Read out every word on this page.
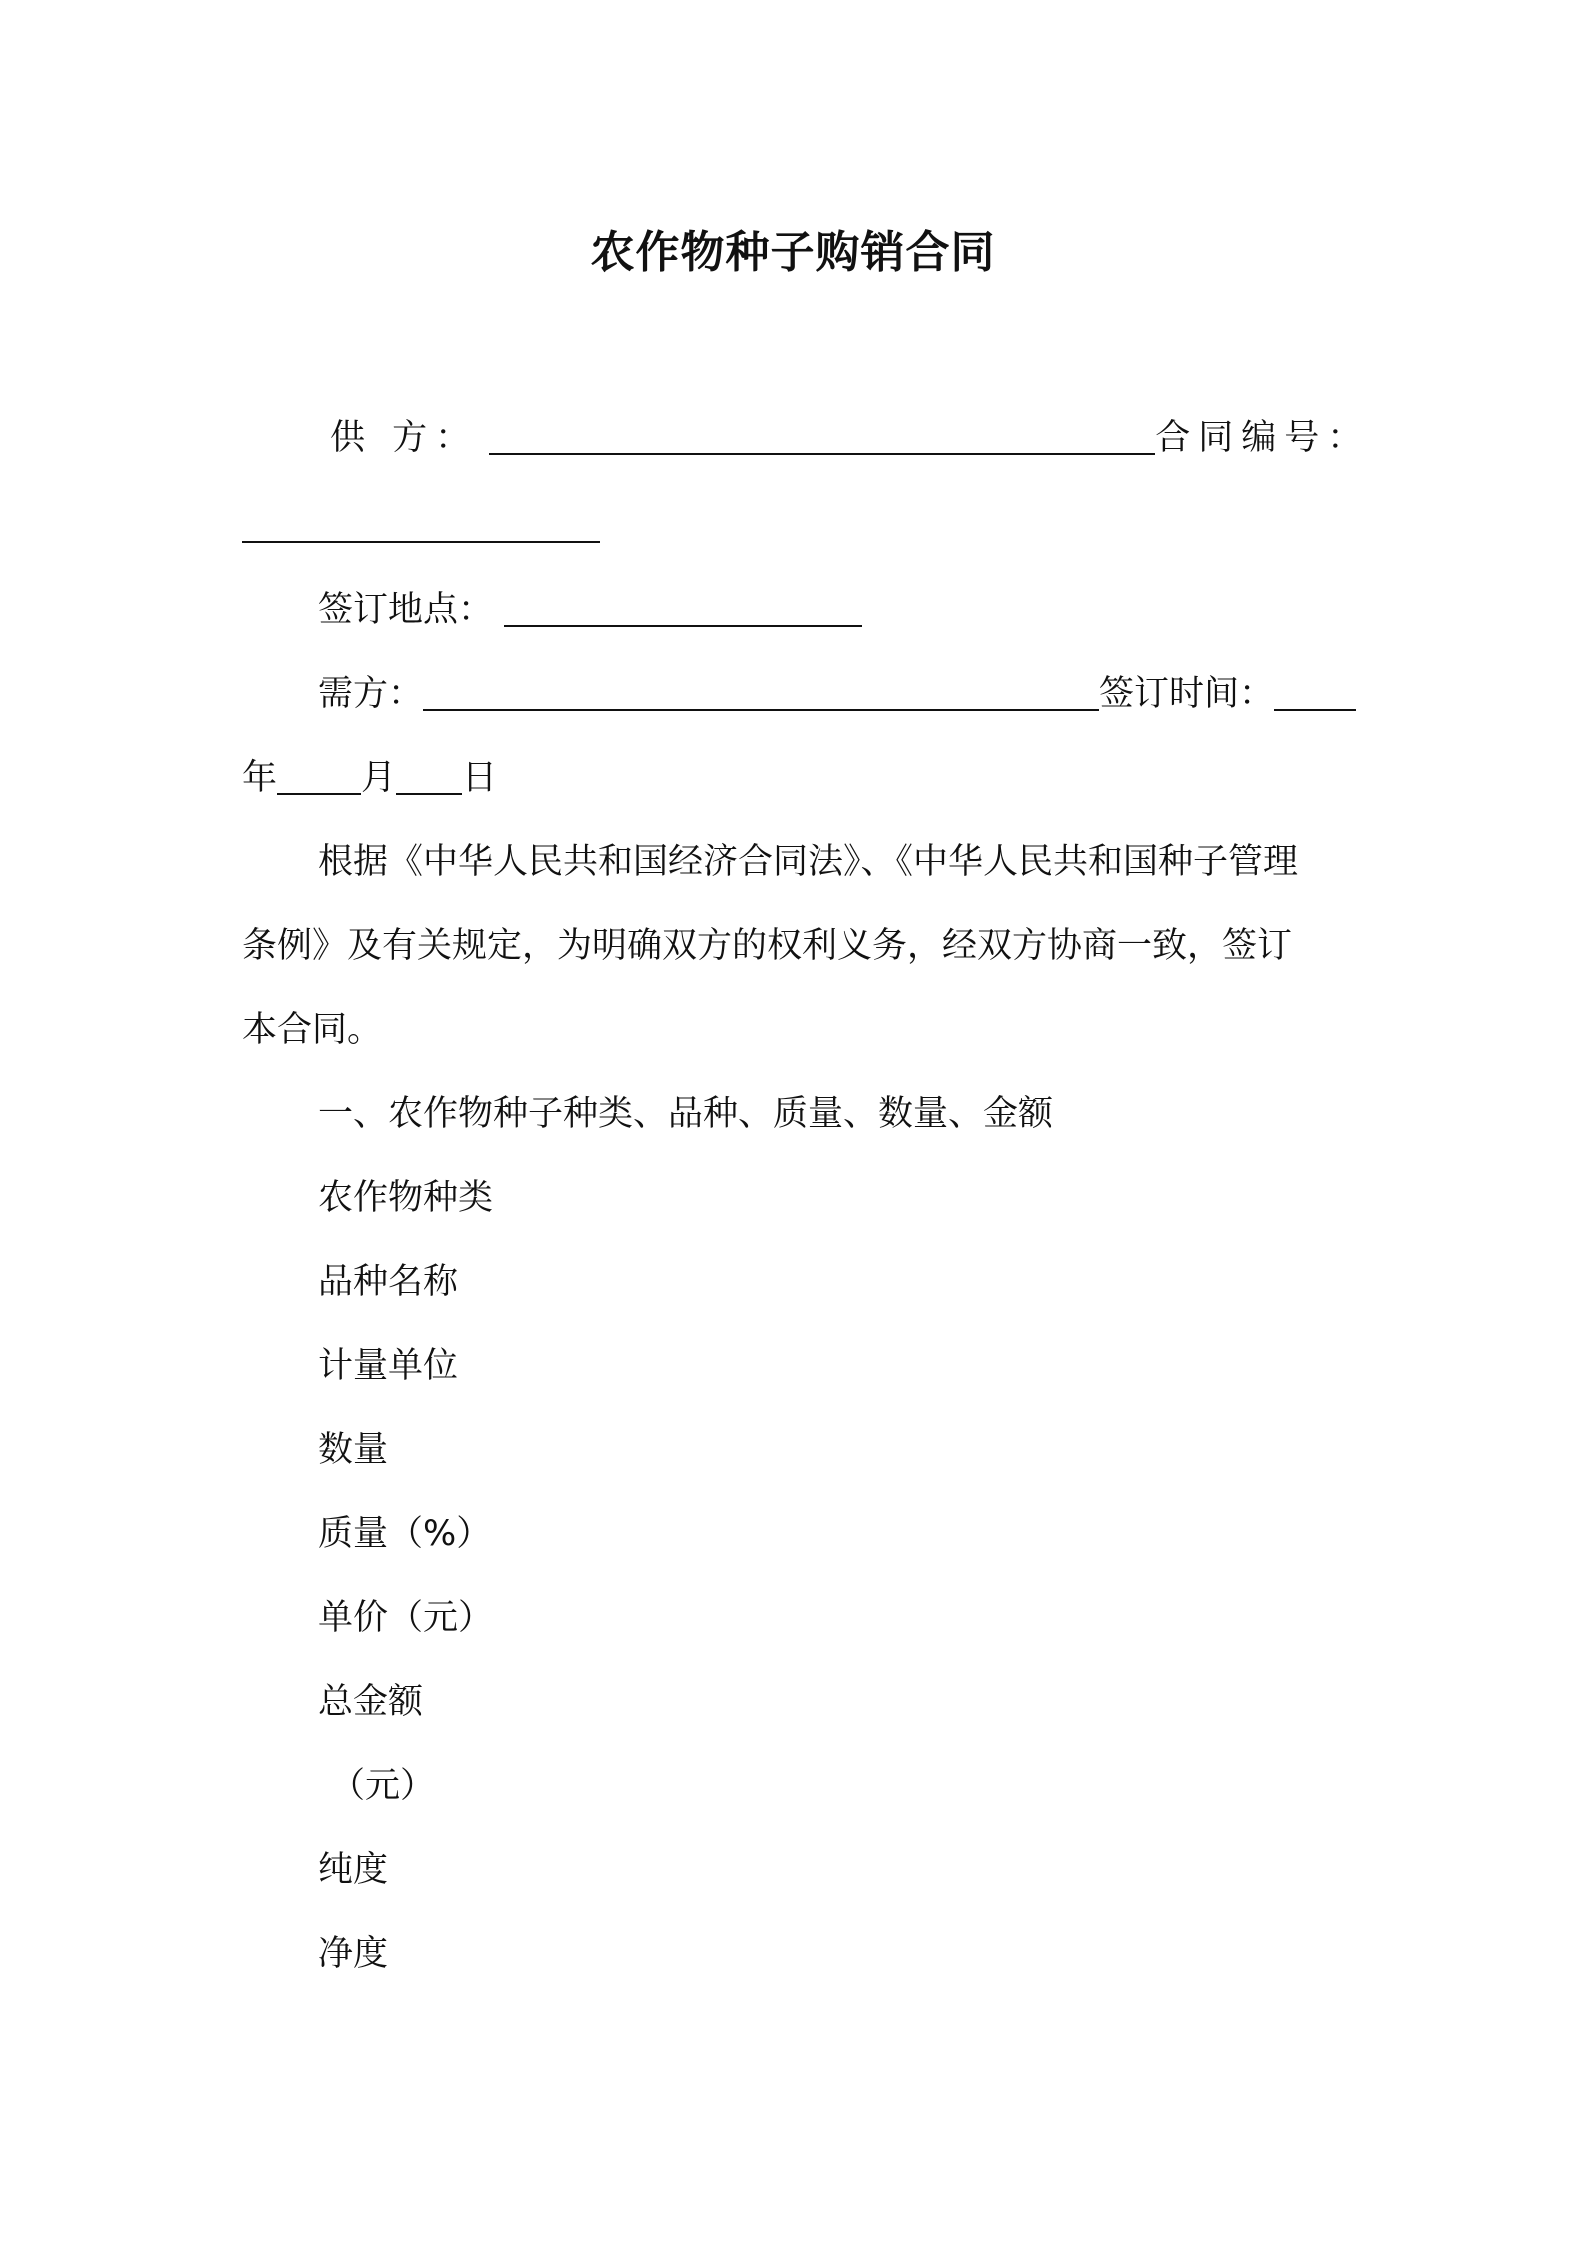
农作物种子购销合同
供 方：	合同编号：
签订地点：
需方：	签订时间：
年 月 日
根据《中华人民共和国经济合同法》、《中华人民共和国种子管理
条例》及有关规定，为明确双方的权利义务，经双方协商一致，签订
本合同。
一、农作物种子种类、品种、质量、数量、金额
农作物种类
品种名称
计量单位
数量
质量（%）
单价（元）
总金额
（元）
纯度
净度
